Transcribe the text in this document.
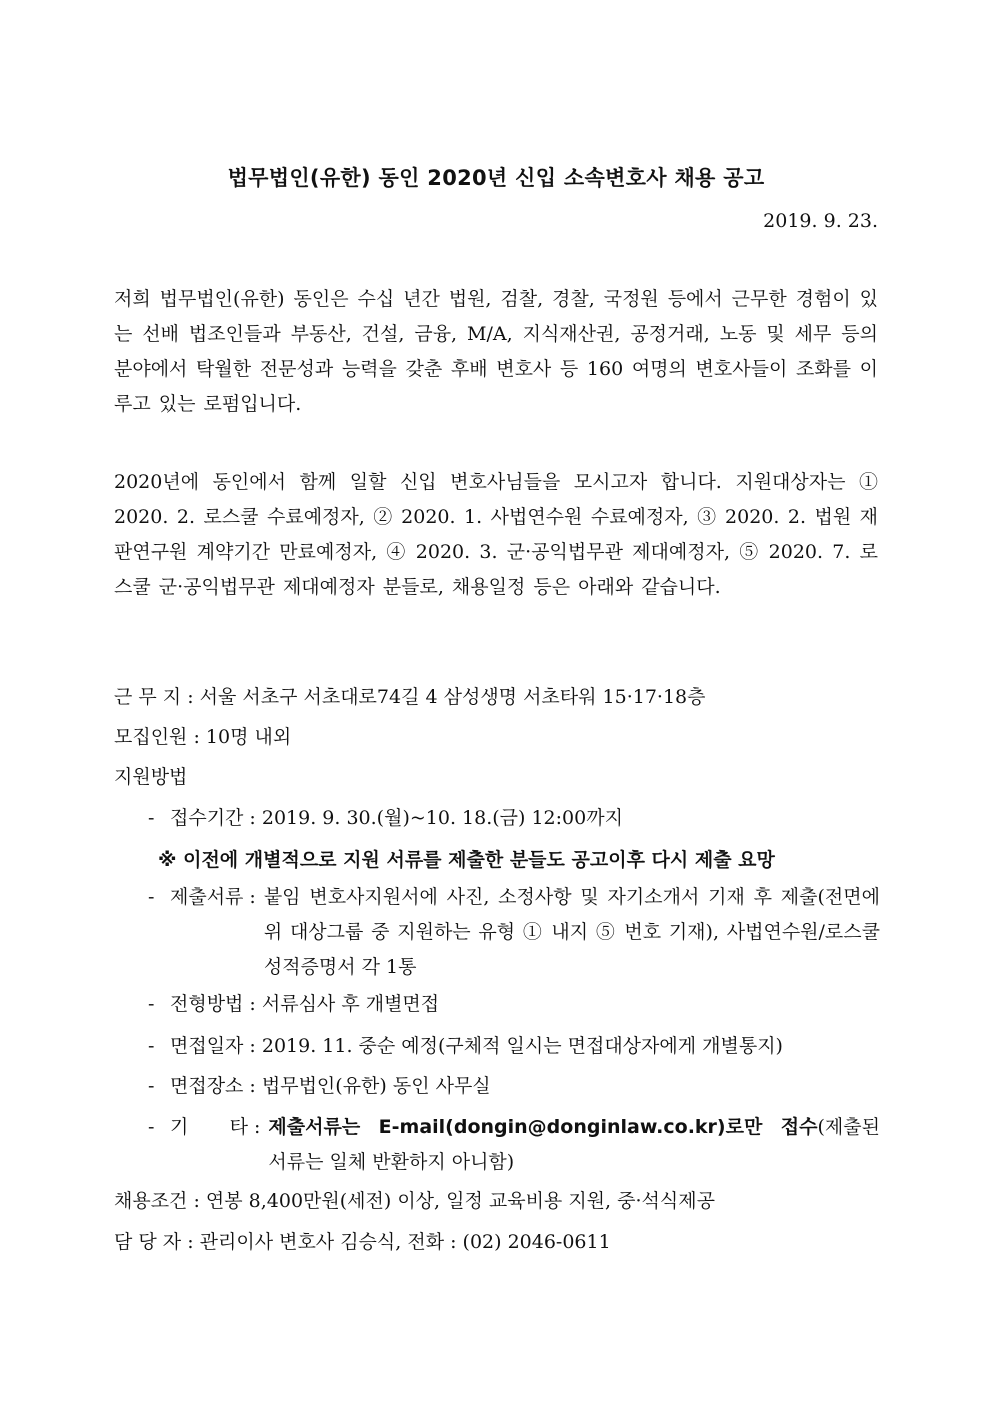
법무법인(유한) 동인 2020년 신입 소속변호사 채용 공고
2019. 9. 23.
저희 법무법인(유한) 동인은 수십 년간 법원, 검찰, 경찰, 국정원 등에서 근무한 경험이 있는 선배 법조인들과 부동산, 건설, 금융, M/A, 지식재산권, 공정거래, 노동 및 세무 등의 분야에서 탁월한 전문성과 능력을 갖춘 후배 변호사 등 160 여명의 변호사들이 조화를 이루고 있는 로펌입니다.
2020년에 동인에서 함께 일할 신입 변호사님들을 모시고자 합니다. 지원대상자는 ① 2020. 2. 로스쿨 수료예정자, ② 2020. 1. 사법연수원 수료예정자, ③ 2020. 2. 법원 재판연구원 계약기간 만료예정자, ④ 2020. 3. 군·공익법무관 제대예정자, ⑤ 2020. 7. 로스쿨 군·공익법무관 제대예정자 분들로, 채용일정 등은 아래와 같습니다.
근 무 지 : 서울 서초구 서초대로74길 4 삼성생명 서초타워 15·17·18층
모집인원 : 10명 내외
지원방법
- 접수기간 : 2019. 9. 30.(월)~10. 18.(금) 12:00까지
※ 이전에 개별적으로 지원 서류를 제출한 분들도 공고이후 다시 제출 요망
- 제출서류 : 붙임 변호사지원서에 사진, 소정사항 및 자기소개서 기재 후 제출(전면에 위 대상그룹 중 지원하는 유형 ① 내지 ⑤ 번호 기재), 사법연수원/로스쿨 성적증명서 각 1통
- 전형방법 : 서류심사 후 개별면접
- 면접일자 : 2019. 11. 중순 예정(구체적 일시는 면접대상자에게 개별통지)
- 면접장소 : 법무법인(유한) 동인 사무실
- 기 타 : 제출서류는 E-mail(dongin@donginlaw.co.kr)로만 접수(제출된 서류는 일체 반환하지 아니함)
채용조건 : 연봉 8,400만원(세전) 이상, 일정 교육비용 지원, 중·석식제공
담 당 자 : 관리이사 변호사 김승식, 전화 : (02) 2046-0611
